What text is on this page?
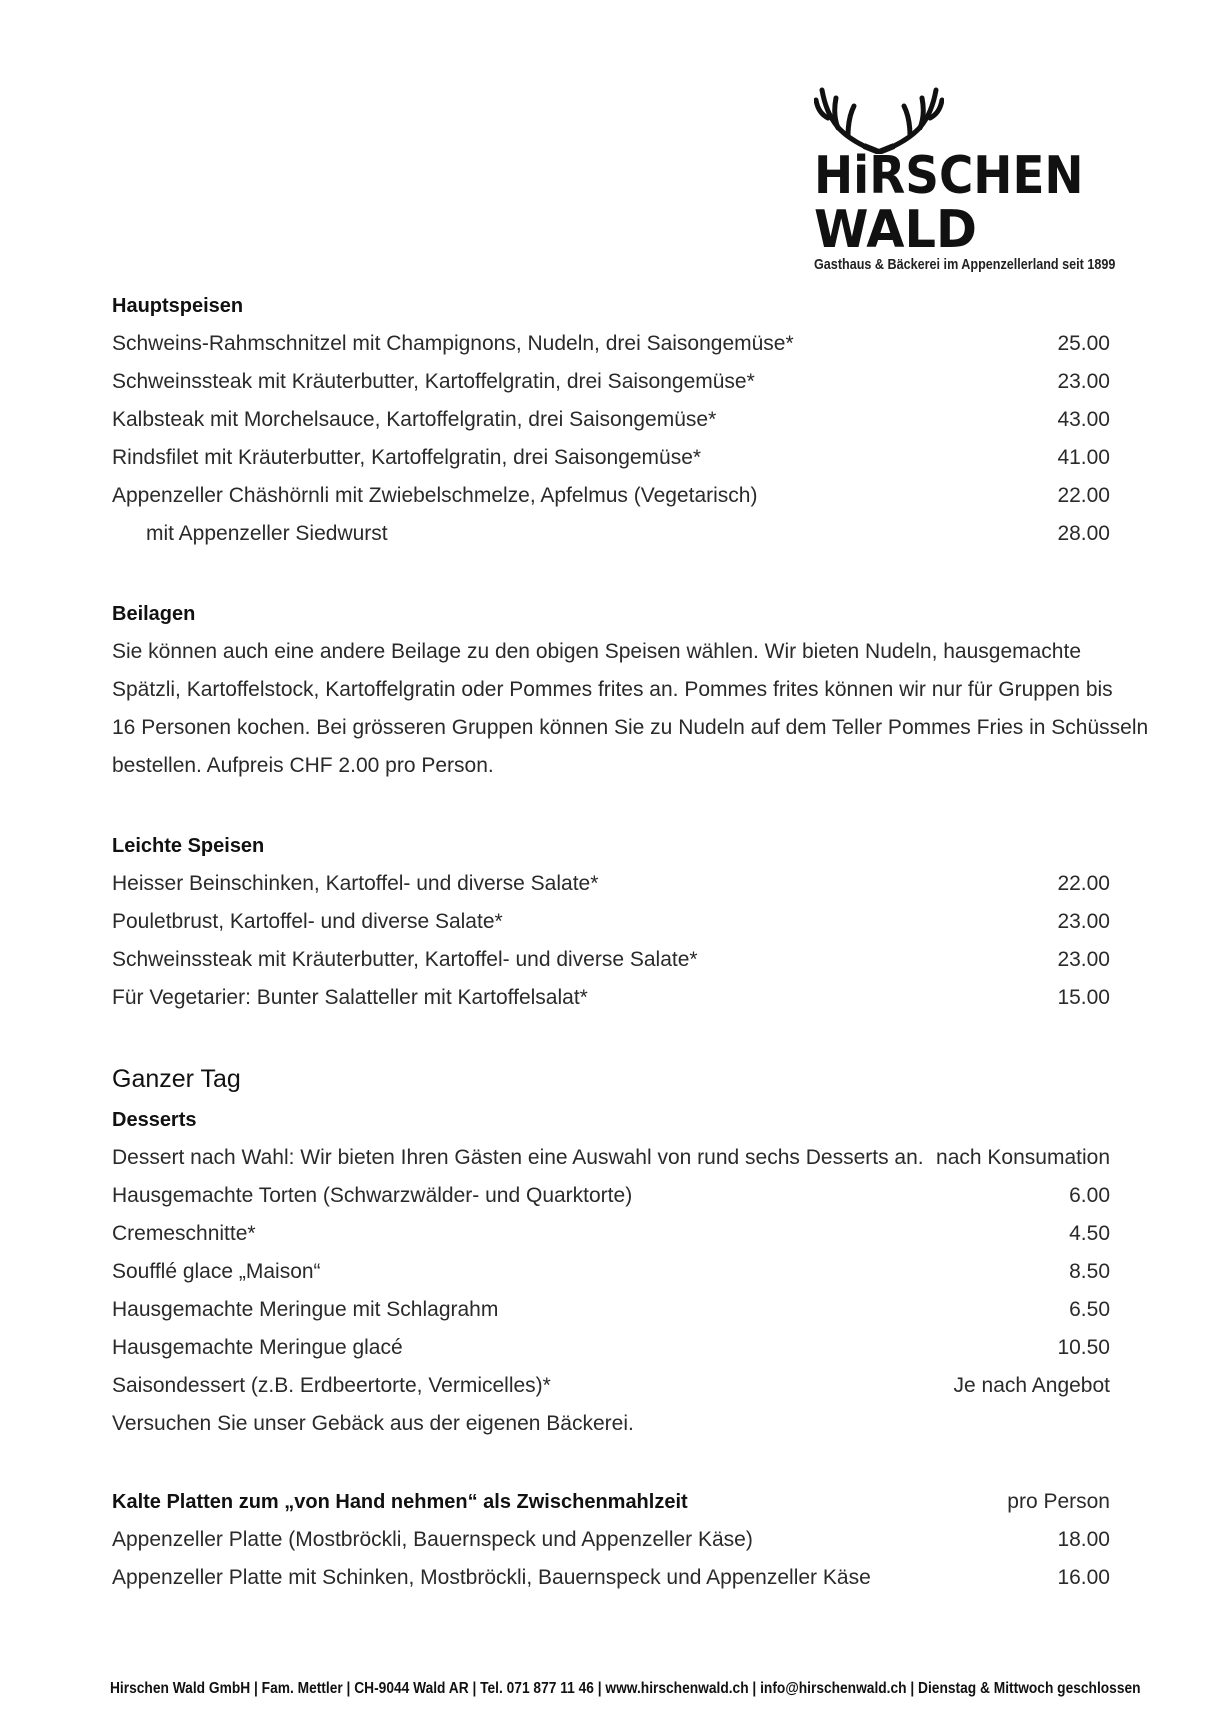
HiRSCHEN
WALD
Gasthaus & Bäckerei im Appenzellerland seit 1899
Hauptspeisen
Schweins-Rahmschnitzel mit Champignons, Nudeln, drei Saisongemüse*	25.00
Schweinssteak mit Kräuterbutter, Kartoffelgratin, drei Saisongemüse*	23.00
Kalbsteak mit Morchelsauce, Kartoffelgratin, drei Saisongemüse*	43.00
Rindsfilet mit Kräuterbutter, Kartoffelgratin, drei Saisongemüse*	41.00
Appenzeller Chäshörnli mit Zwiebelschmelze, Apfelmus (Vegetarisch)	22.00
mit Appenzeller Siedwurst	28.00
Beilagen
Sie können auch eine andere Beilage zu den obigen Speisen wählen. Wir bieten Nudeln, hausgemachte
Spätzli, Kartoffelstock, Kartoffelgratin oder Pommes frites an. Pommes frites können wir nur für Gruppen bis
16 Personen kochen. Bei grösseren Gruppen können Sie zu Nudeln auf dem Teller Pommes Fries in Schüsseln
bestellen. Aufpreis CHF 2.00 pro Person.
Leichte Speisen
Heisser Beinschinken, Kartoffel- und diverse Salate*	22.00
Pouletbrust, Kartoffel- und diverse Salate*	23.00
Schweinssteak mit Kräuterbutter, Kartoffel- und diverse Salate*	23.00
Für Vegetarier: Bunter Salatteller mit Kartoffelsalat*	15.00
Ganzer Tag
Desserts
Dessert nach Wahl: Wir bieten Ihren Gästen eine Auswahl von rund sechs Desserts an. nach Konsumation
Hausgemachte Torten (Schwarzwälder- und Quarktorte)	6.00
Cremeschnitte*	4.50
Soufflé glace „Maison“	8.50
Hausgemachte Meringue mit Schlagrahm	6.50
Hausgemachte Meringue glacé	10.50
Saisondessert (z.B. Erdbeertorte, Vermicelles)*	Je nach Angebot
Versuchen Sie unser Gebäck aus der eigenen Bäckerei.
Kalte Platten zum „von Hand nehmen“ als Zwischenmahlzeit	pro Person
Appenzeller Platte (Mostbröckli, Bauernspeck und Appenzeller Käse)	18.00
Appenzeller Platte mit Schinken, Mostbröckli, Bauernspeck und Appenzeller Käse	16.00
Hirschen Wald GmbH | Fam. Mettler | CH-9044 Wald AR | Tel. 071 877 11 46 | www.hirschenwald.ch | info@hirschenwald.ch | Dienstag & Mittwoch geschlossen
